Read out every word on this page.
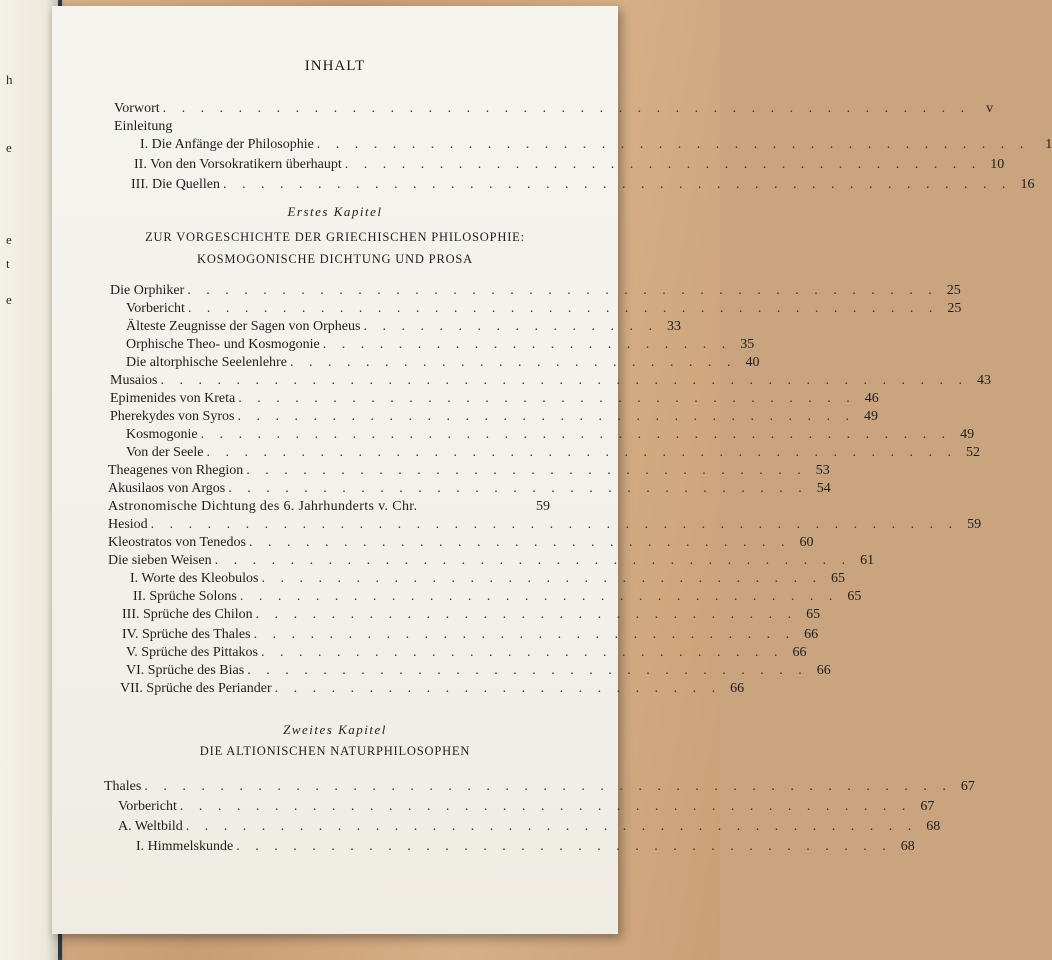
h
e
e
t
e
INHALT
Vorwort . . . . . . . . . . . . . . . . . . . . . . . . . . . . . . . . . . . . . . . . . . .	v
Einleitung
I. Die Anfänge der Philosophie . . . . . . . . . . . . . . . . . . . . . . . . . . . . . . . . . . . . . .	1
II. Von den Vorsokratikern überhaupt . . . . . . . . . . . . . . . . . . . . . . . . . . . . . . . . . . 10
III. Die Quellen . . . . . . . . . . . . . . . . . . . . . . . . . . . . . . . . . . . . . . . . . . 16
Erstes Kapitel
ZUR VORGESCHICHTE DER GRIECHISCHEN PHILOSOPHIE:
KOSMOGONISCHE DICHTUNG UND PROSA
Die Orphiker . . . . . . . . . . . . . . . . . . . . . . . . . . . . . . . . . . . . . . . . 25
Vorbericht . . . . . . . . . . . . . . . . . . . . . . . . . . . . . . . . . . . . . . . . 25
Älteste Zeugnisse der Sagen von Orpheus . . . . . . . . . . . . . . . . 33
Orphische Theo- und Kosmogonie . . . . . . . . . . . . . . . . . . . . . . 35
Die altorphische Seelenlehre . . . . . . . . . . . . . . . . . . . . . . . . 40
Musaios . . . . . . . . . . . . . . . . . . . . . . . . . . . . . . . . . . . . . . . . . . . 43
Epimenides von Kreta . . . . . . . . . . . . . . . . . . . . . . . . . . . . . . . . . 46
Pherekydes von Syros . . . . . . . . . . . . . . . . . . . . . . . . . . . . . . . . . 49
Kosmogonie . . . . . . . . . . . . . . . . . . . . . . . . . . . . . . . . . . . . . . . . 49
Von der Seele . . . . . . . . . . . . . . . . . . . . . . . . . . . . . . . . . . . . . . . . 52
Theagenes von Rhegion . . . . . . . . . . . . . . . . . . . . . . . . . . . . . . 53
Akusilaos von Argos . . . . . . . . . . . . . . . . . . . . . . . . . . . . . . . 54
Astronomische Dichtung des 6. Jahrhunderts v. Chr.	59
Hesiod . . . . . . . . . . . . . . . . . . . . . . . . . . . . . . . . . . . . . . . . . . . 59
Kleostratos von Tenedos . . . . . . . . . . . . . . . . . . . . . . . . . . . . . 60
Die sieben Weisen . . . . . . . . . . . . . . . . . . . . . . . . . . . . . . . . . . 61
I. Worte des Kleobulos . . . . . . . . . . . . . . . . . . . . . . . . . . . . . . 65
II. Sprüche Solons . . . . . . . . . . . . . . . . . . . . . . . . . . . . . . . . 65
III. Sprüche des Chilon . . . . . . . . . . . . . . . . . . . . . . . . . . . . . 65
IV. Sprüche des Thales . . . . . . . . . . . . . . . . . . . . . . . . . . . . . 66
V. Sprüche des Pittakos . . . . . . . . . . . . . . . . . . . . . . . . . . . . 66
VI. Sprüche des Bias . . . . . . . . . . . . . . . . . . . . . . . . . . . . . . 66
VII. Sprüche des Periander . . . . . . . . . . . . . . . . . . . . . . . . 66
Zweites Kapitel
DIE ALTIONISCHEN NATURPHILOSOPHEN
Thales . . . . . . . . . . . . . . . . . . . . . . . . . . . . . . . . . . . . . . . . . . . 67
Vorbericht . . . . . . . . . . . . . . . . . . . . . . . . . . . . . . . . . . . . . . . 67
A. Weltbild . . . . . . . . . . . . . . . . . . . . . . . . . . . . . . . . . . . . . . . 68
I. Himmelskunde . . . . . . . . . . . . . . . . . . . . . . . . . . . . . . . . . . . 68
